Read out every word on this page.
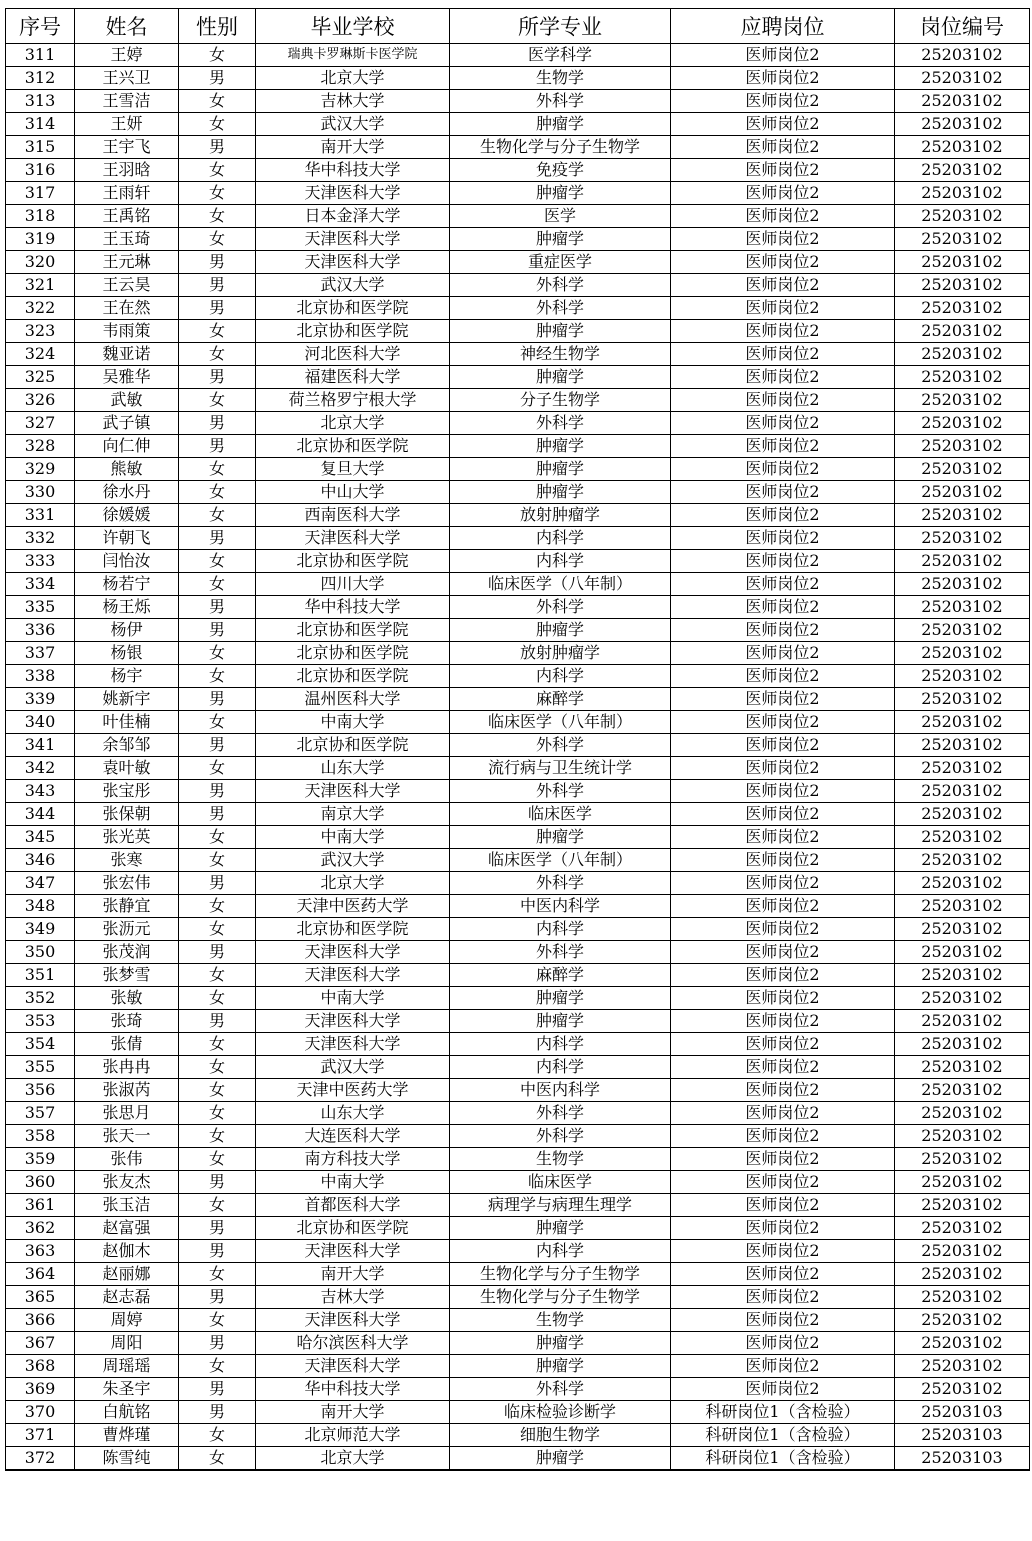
序号	姓名	性别	毕业学校	所学专业	应聘岗位	岗位编号
311	王婷	女	瑞典卡罗琳斯卡医学院	医学科学	医师岗位2	25203102
312	王兴卫	男	北京大学	生物学	医师岗位2	25203102
313	王雪洁	女	吉林大学	外科学	医师岗位2	25203102
314	王妍	女	武汉大学	肿瘤学	医师岗位2	25203102
315	王宇飞	男	南开大学	生物化学与分子生物学	医师岗位2	25203102
316	王羽晗	女	华中科技大学	免疫学	医师岗位2	25203102
317	王雨轩	女	天津医科大学	肿瘤学	医师岗位2	25203102
318	王禹铭	女	日本金泽大学	医学	医师岗位2	25203102
319	王玉琦	女	天津医科大学	肿瘤学	医师岗位2	25203102
320	王元琳	男	天津医科大学	重症医学	医师岗位2	25203102
321	王云昊	男	武汉大学	外科学	医师岗位2	25203102
322	王在然	男	北京协和医学院	外科学	医师岗位2	25203102
323	韦雨策	女	北京协和医学院	肿瘤学	医师岗位2	25203102
324	魏亚诺	女	河北医科大学	神经生物学	医师岗位2	25203102
325	吴雅华	男	福建医科大学	肿瘤学	医师岗位2	25203102
326	武敏	女	荷兰格罗宁根大学	分子生物学	医师岗位2	25203102
327	武子镇	男	北京大学	外科学	医师岗位2	25203102
328	向仁伸	男	北京协和医学院	肿瘤学	医师岗位2	25203102
329	熊敏	女	复旦大学	肿瘤学	医师岗位2	25203102
330	徐水丹	女	中山大学	肿瘤学	医师岗位2	25203102
331	徐媛媛	女	西南医科大学	放射肿瘤学	医师岗位2	25203102
332	许朝飞	男	天津医科大学	内科学	医师岗位2	25203102
333	闫怡汝	女	北京协和医学院	内科学	医师岗位2	25203102
334	杨若宁	女	四川大学	临床医学（八年制）	医师岗位2	25203102
335	杨王烁	男	华中科技大学	外科学	医师岗位2	25203102
336	杨伊	男	北京协和医学院	肿瘤学	医师岗位2	25203102
337	杨银	女	北京协和医学院	放射肿瘤学	医师岗位2	25203102
338	杨宇	女	北京协和医学院	内科学	医师岗位2	25203102
339	姚新宇	男	温州医科大学	麻醉学	医师岗位2	25203102
340	叶佳楠	女	中南大学	临床医学（八年制）	医师岗位2	25203102
341	余邹邹	男	北京协和医学院	外科学	医师岗位2	25203102
342	袁叶敏	女	山东大学	流行病与卫生统计学	医师岗位2	25203102
343	张宝彤	男	天津医科大学	外科学	医师岗位2	25203102
344	张保朝	男	南京大学	临床医学	医师岗位2	25203102
345	张光英	女	中南大学	肿瘤学	医师岗位2	25203102
346	张寒	女	武汉大学	临床医学（八年制）	医师岗位2	25203102
347	张宏伟	男	北京大学	外科学	医师岗位2	25203102
348	张静宜	女	天津中医药大学	中医内科学	医师岗位2	25203102
349	张沥元	女	北京协和医学院	内科学	医师岗位2	25203102
350	张茂润	男	天津医科大学	外科学	医师岗位2	25203102
351	张梦雪	女	天津医科大学	麻醉学	医师岗位2	25203102
352	张敏	女	中南大学	肿瘤学	医师岗位2	25203102
353	张琦	男	天津医科大学	肿瘤学	医师岗位2	25203102
354	张倩	女	天津医科大学	内科学	医师岗位2	25203102
355	张冉冉	女	武汉大学	内科学	医师岗位2	25203102
356	张淑芮	女	天津中医药大学	中医内科学	医师岗位2	25203102
357	张思月	女	山东大学	外科学	医师岗位2	25203102
358	张天一	女	大连医科大学	外科学	医师岗位2	25203102
359	张伟	女	南方科技大学	生物学	医师岗位2	25203102
360	张友杰	男	中南大学	临床医学	医师岗位2	25203102
361	张玉洁	女	首都医科大学	病理学与病理生理学	医师岗位2	25203102
362	赵富强	男	北京协和医学院	肿瘤学	医师岗位2	25203102
363	赵伽木	男	天津医科大学	内科学	医师岗位2	25203102
364	赵丽娜	女	南开大学	生物化学与分子生物学	医师岗位2	25203102
365	赵志磊	男	吉林大学	生物化学与分子生物学	医师岗位2	25203102
366	周婷	女	天津医科大学	生物学	医师岗位2	25203102
367	周阳	男	哈尔滨医科大学	肿瘤学	医师岗位2	25203102
368	周瑶瑶	女	天津医科大学	肿瘤学	医师岗位2	25203102
369	朱圣宇	男	华中科技大学	外科学	医师岗位2	25203102
370	白航铭	男	南开大学	临床检验诊断学	科研岗位1（含检验）	25203103
371	曹烨瑾	女	北京师范大学	细胞生物学	科研岗位1（含检验）	25203103
372	陈雪纯	女	北京大学	肿瘤学	科研岗位1（含检验）	25203103
